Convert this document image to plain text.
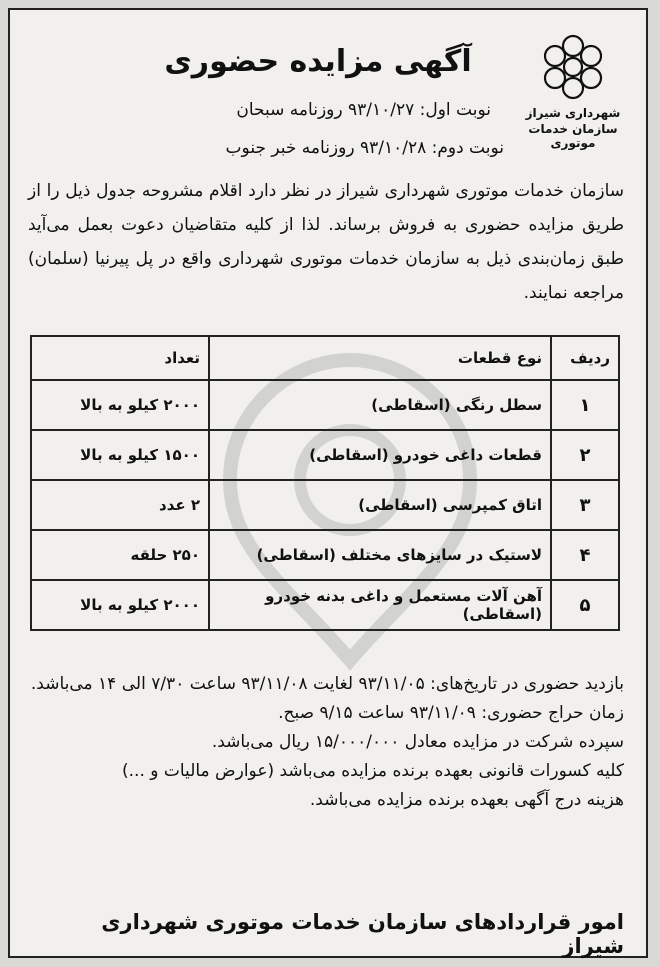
شهرداری شیراز
سازمان خدمات موتوری
آگهی مزایده حضوری
نوبت اول: ۹۳/۱۰/۲۷ روزنامه سبحان
نوبت دوم: ۹۳/۱۰/۲۸ روزنامه خبر جنوب
سازمان خدمات موتوری شهرداری شیراز در نظر دارد اقلام مشروحه جدول ذیل را از طریق مزایده حضوری به فروش برساند. لذا از کلیه متقاضیان دعوت بعمل می‌آید طبق زمان‌بندی ذیل به سازمان خدمات موتوری شهرداری واقع در پل پیرنیا (سلمان) مراجعه نمایند.
ردیف	نوع قطعات	تعداد
۱	سطل رنگی (اسقاطی)	۲۰۰۰ کیلو به بالا
۲	قطعات داغی خودرو (اسقاطی)	۱۵۰۰ کیلو به بالا
۳	اتاق کمپرسی (اسقاطی)	۲ عدد
۴	لاستیک در سایزهای مختلف (اسقاطی)	۲۵۰ حلقه
۵	آهن آلات مستعمل و داغی بدنه خودرو (اسقاطی)	۲۰۰۰ کیلو به بالا

بازدید حضوری در تاریخ‌های: ۹۳/۱۱/۰۵ لغایت ۹۳/۱۱/۰۸ ساعت ۷/۳۰ الی ۱۴ می‌باشد.

زمان حراج حضوری: ۹۳/۱۱/۰۹ ساعت ۹/۱۵ صبح.

سپرده شرکت در مزایده معادل ۱۵/۰۰۰/۰۰۰ ریال می‌باشد.

کلیه کسورات قانونی بعهده برنده مزایده می‌باشد (عوارض مالیات و ...)

هزینه درج آگهی بعهده برنده مزایده می‌باشد.

امور قراردادهای سازمان خدمات موتوری شهرداری شیراز
